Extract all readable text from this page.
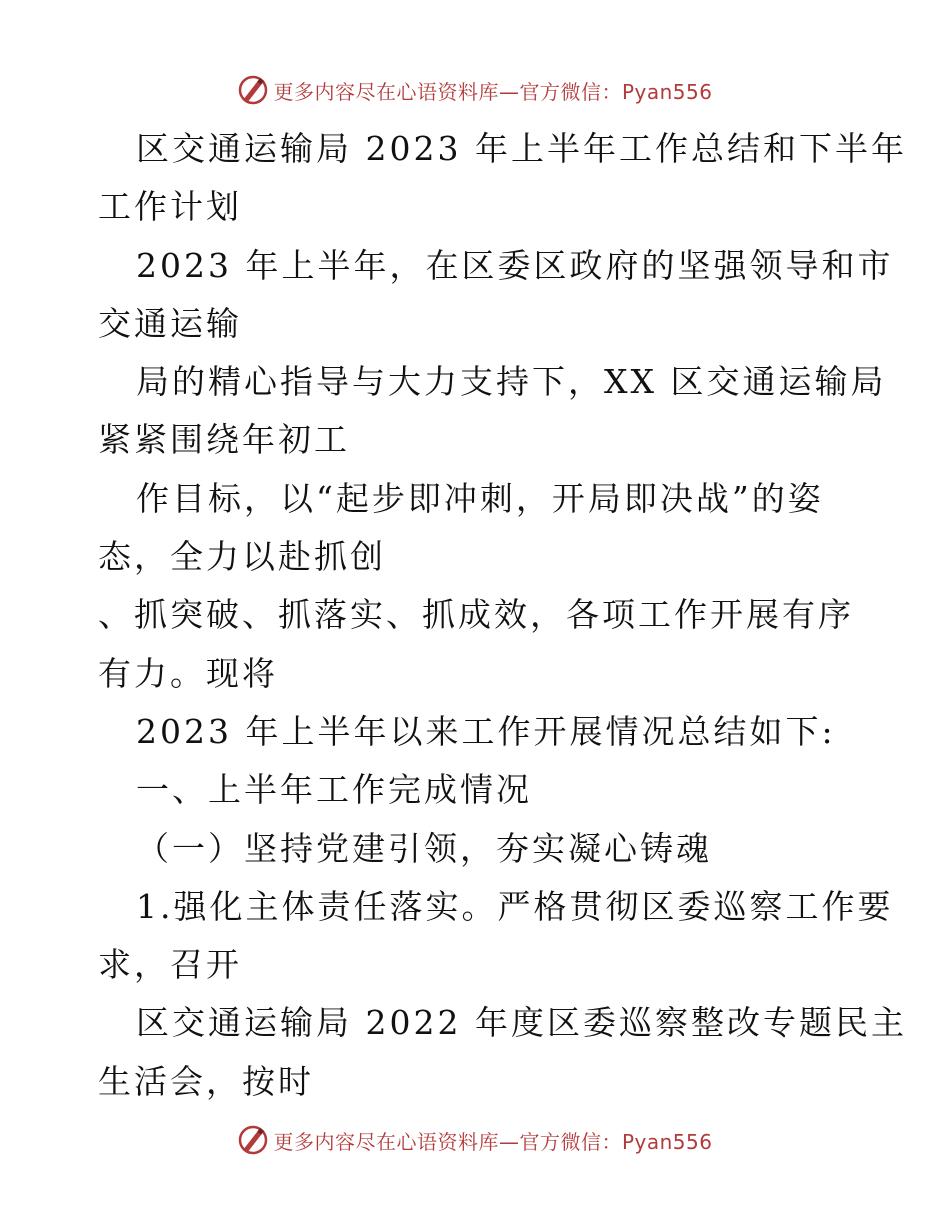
更多内容尽在心语资料库—官方微信：Pyan556
区交通运输局 2023 年上半年工作总结和下半年
工作计划
2023 年上半年，在区委区政府的坚强领导和市
交通运输
局的精心指导与大力支持下，XX 区交通运输局
紧紧围绕年初工
作目标，以“起步即冲刺，开局即决战”的姿
态，全力以赴抓创
、抓突破、抓落实、抓成效，各项工作开展有序
有力。现将
2023 年上半年以来工作开展情况总结如下:
一、上半年工作完成情况
（一）坚持党建引领，夯实凝心铸魂
1.强化主体责任落实。严格贯彻区委巡察工作要
求，召开
区交通运输局 2022 年度区委巡察整改专题民主
生活会，按时
更多内容尽在心语资料库—官方微信：Pyan556
